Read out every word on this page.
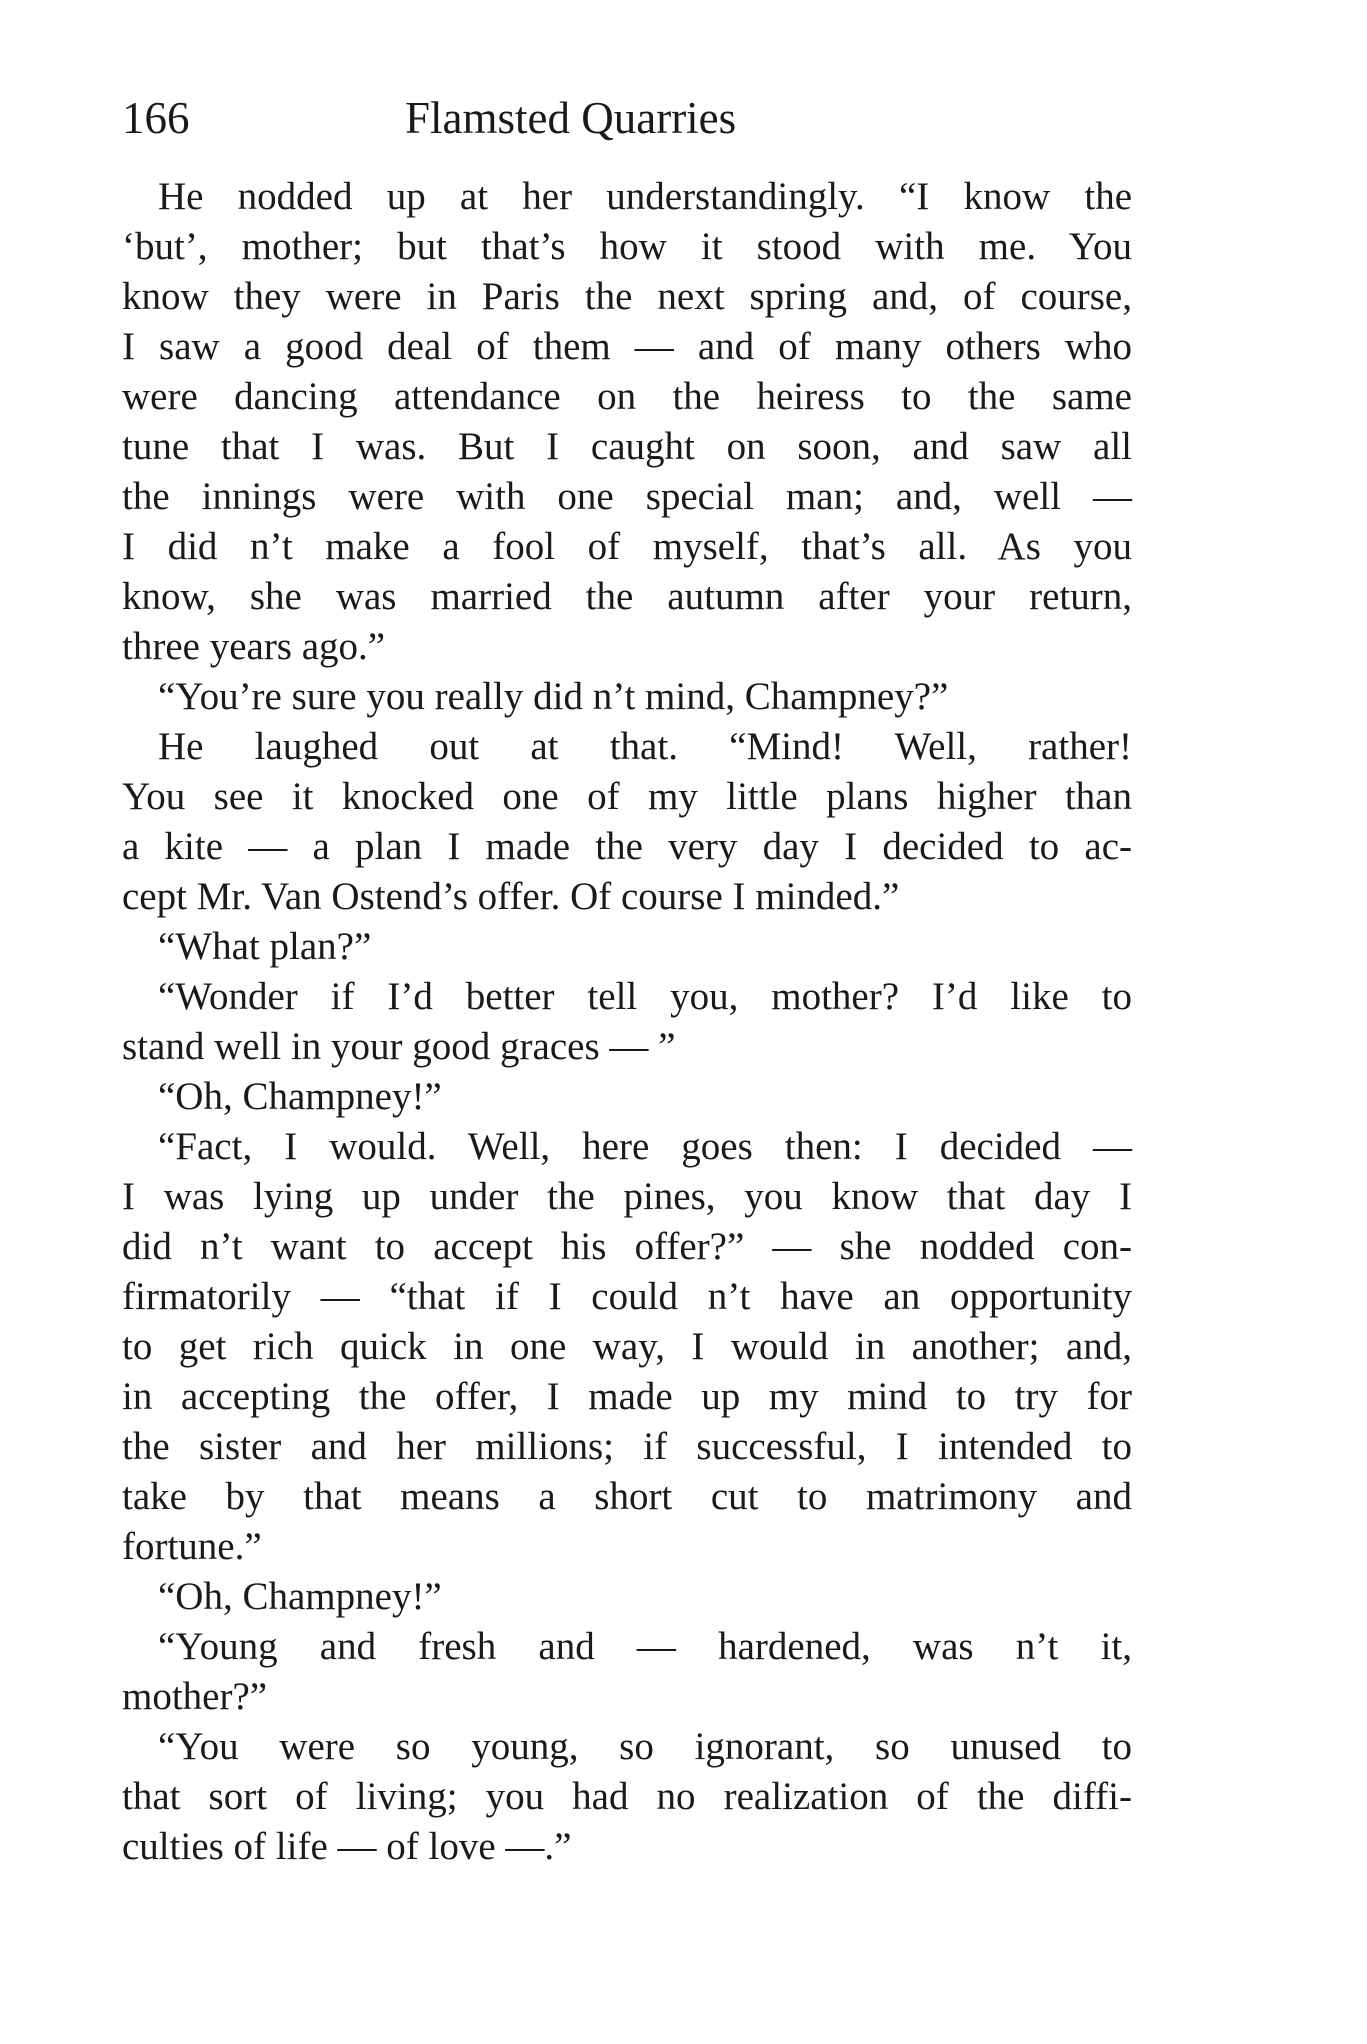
166	Flamsted Quarries
He nodded up at her understandingly. “I know the
‘but’, mother; but that’s how it stood with me. You
know they were in Paris the next spring and, of course,
I saw a good deal of them — and of many others who
were dancing attendance on the heiress to the same
tune that I was. But I caught on soon, and saw all
the innings were with one special man; and, well —
I did n’t make a fool of myself, that’s all. As you
know, she was married the autumn after your return,
three years ago.”
“You’re sure you really did n’t mind, Champney?”
He laughed out at that. “Mind! Well, rather!
You see it knocked one of my little plans higher than
a kite — a plan I made the very day I decided to ac-
cept Mr. Van Ostend’s offer. Of course I minded.”
“What plan?”
“Wonder if I’d better tell you, mother? I’d like to
stand well in your good graces — ”
“Oh, Champney!”
“Fact, I would. Well, here goes then: I decided —
I was lying up under the pines, you know that day I
did n’t want to accept his offer?” — she nodded con-
firmatorily — “that if I could n’t have an opportunity
to get rich quick in one way, I would in another; and,
in accepting the offer, I made up my mind to try for
the sister and her millions; if successful, I intended to
take by that means a short cut to matrimony and
fortune.”
“Oh, Champney!”
“Young and fresh and — hardened, was n’t it,
mother?”
“You were so young, so ignorant, so unused to
that sort of living; you had no realization of the diffi-
culties of life — of love —.”
